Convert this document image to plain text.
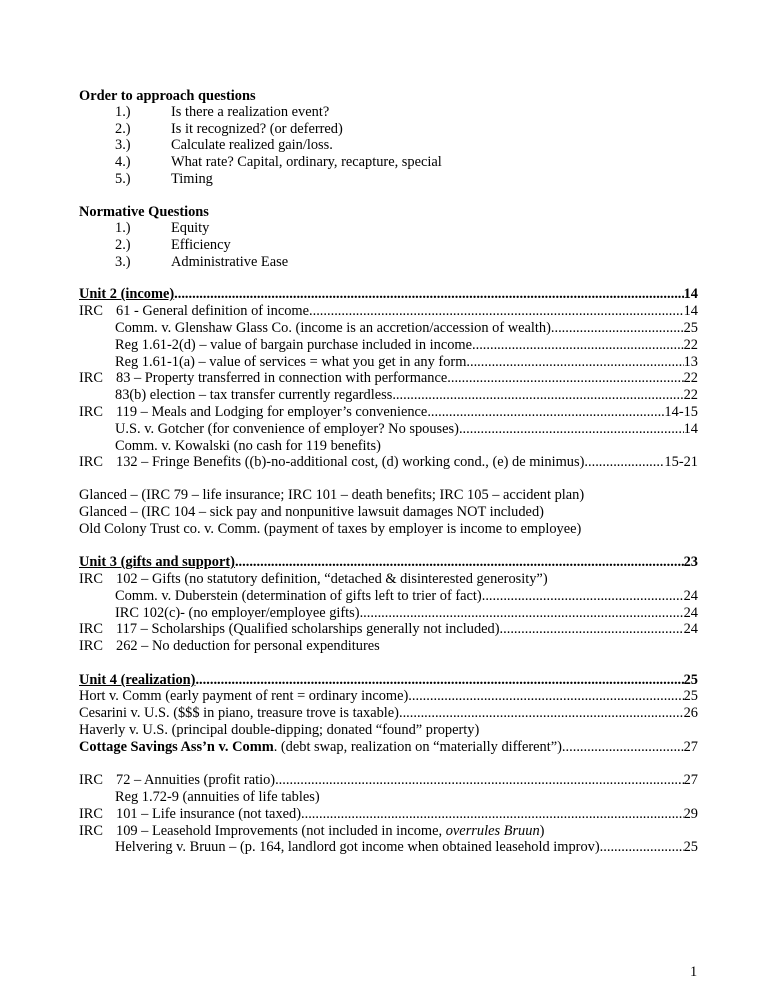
Order to approach questions
1.)	Is there a realization event?
2.)	Is it recognized? (or deferred)
3.)	Calculate realized gain/loss.
4.)	What rate? Capital, ordinary, recapture, special
5.)	Timing
Normative Questions
1.)	Equity
2.)	Efficiency
3.)	Administrative Ease
Unit 2 (income) .....	14
IRC 61 - General definition of income .....	14
Comm. v. Glenshaw Glass Co. (income is an accretion/accession of wealth) .....	25
Reg 1.61-2(d) – value of bargain purchase included in income .....	22
Reg 1.61-1(a) – value of services = what you get in any form .....	13
IRC 83 – Property transferred in connection with performance .....	22
83(b) election – tax transfer currently regardless .....	22
IRC 119 – Meals and Lodging for employer’s convenience .....	14-15
U.S. v. Gotcher (for convenience of employer? No spouses) .....	14
Comm. v. Kowalski (no cash for 119 benefits)
IRC 132 – Fringe Benefits ((b)-no-additional cost, (d) working cond., (e) de minimus) .....	15-21
Glanced – (IRC 79 – life insurance; IRC 101 – death benefits; IRC 105 – accident plan)
Glanced – (IRC 104 – sick pay and nonpunitive lawsuit damages NOT included)
Old Colony Trust co. v. Comm. (payment of taxes by employer is income to employee)
Unit 3 (gifts and support) .....	23
IRC 102 – Gifts (no statutory definition, “detached & disinterested generosity”)
Comm. v. Duberstein (determination of gifts left to trier of fact) .....	24
IRC 102(c)- (no employer/employee gifts) .....	24
IRC 117 – Scholarships (Qualified scholarships generally not included) .....	24
IRC 262 – No deduction for personal expenditures
Unit 4 (realization) .....	25
Hort v. Comm (early payment of rent = ordinary income) .....	25
Cesarini v. U.S. ($$$ in piano, treasure trove is taxable) .....	26
Haverly v. U.S. (principal double-dipping; donated “found” property)
Cottage Savings Ass’n v. Comm. (debt swap, realization on “materially different”) .....	27
IRC 72 – Annuities (profit ratio) .....	27
Reg 1.72-9 (annuities of life tables)
IRC 101 – Life insurance (not taxed) .....	29
IRC 109 – Leasehold Improvements (not included in income, overrules Bruun)
Helvering v. Bruun – (p. 164, landlord got income when obtained leasehold improv) .....	25
1
